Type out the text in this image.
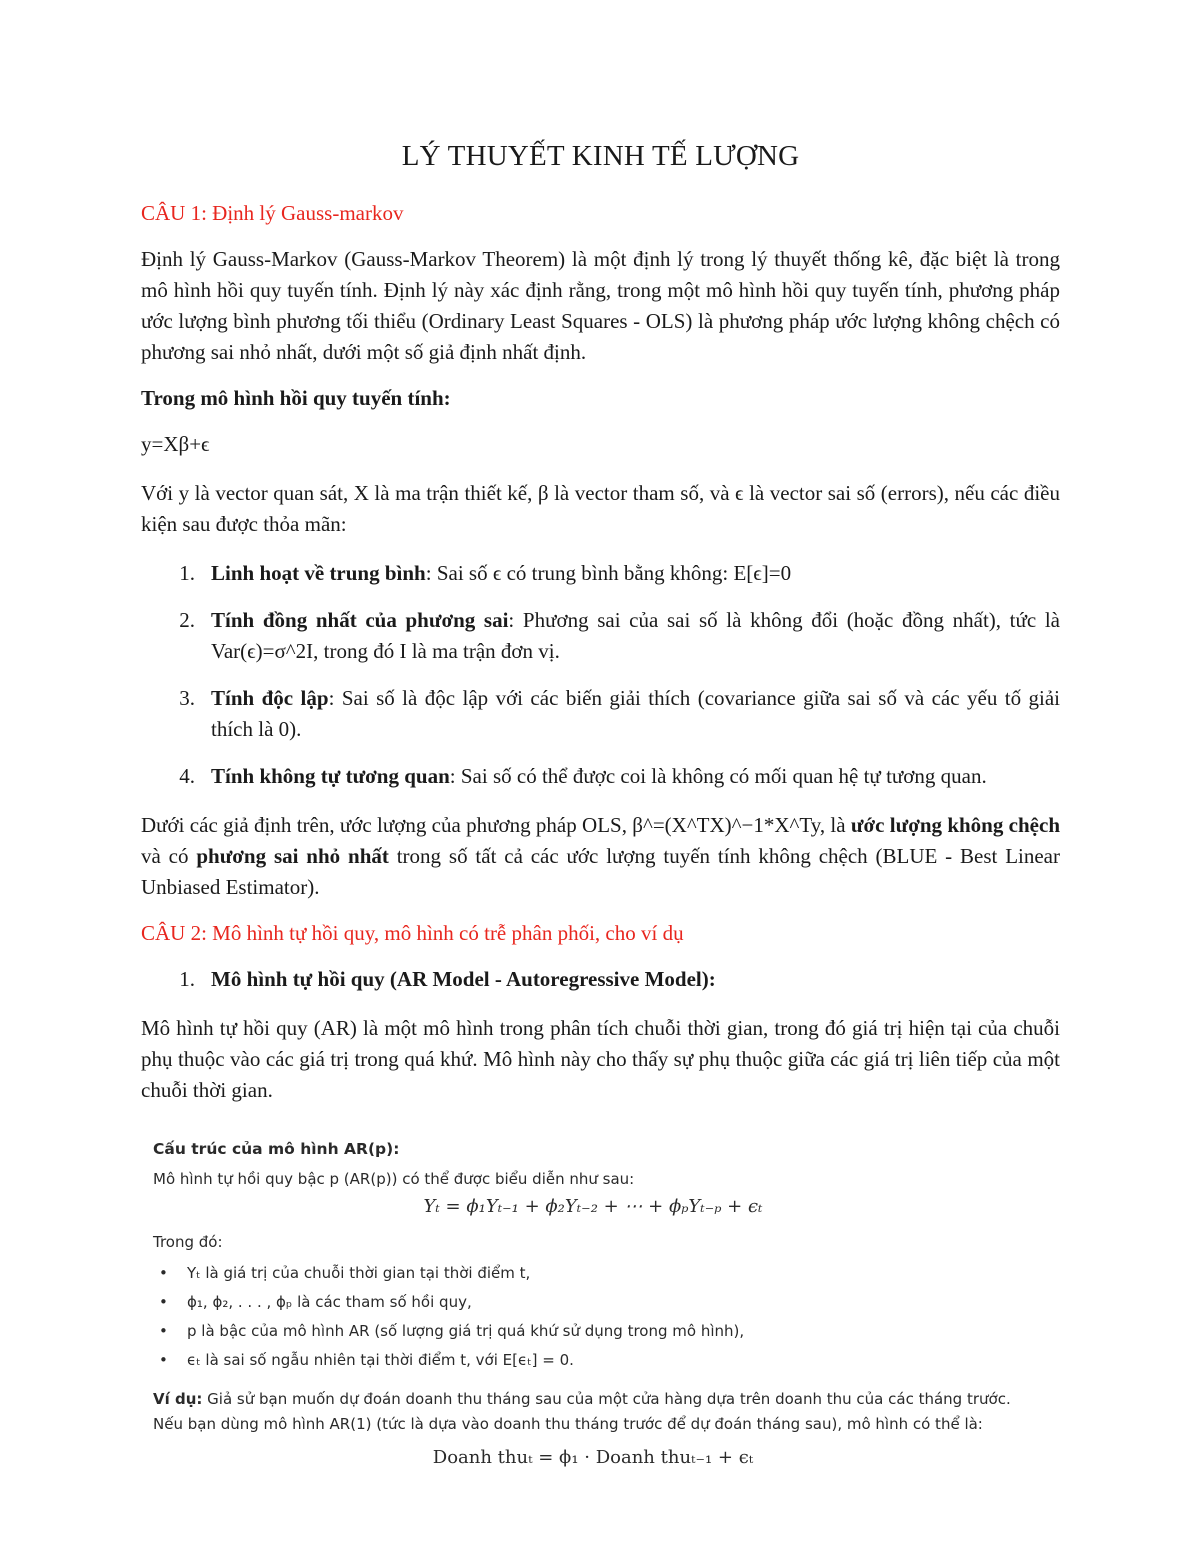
LÝ THUYẾT KINH TẾ LƯỢNG
CÂU 1: Định lý Gauss-markov

Định lý Gauss-Markov (Gauss-Markov Theorem) là một định lý trong lý thuyết thống kê, đặc biệt là trong mô hình hồi quy tuyến tính. Định lý này xác định rằng, trong một mô hình hồi quy tuyến tính, phương pháp ước lượng bình phương tối thiểu (Ordinary Least Squares - OLS) là phương pháp ước lượng không chệch có phương sai nhỏ nhất, dưới một số giả định nhất định.

Trong mô hình hồi quy tuyến tính:

y=Xβ+ϵ

Với y là vector quan sát, X là ma trận thiết kế, β là vector tham số, và ϵ là vector sai số (errors), nếu các điều kiện sau được thỏa mãn:

1. Linh hoạt về trung bình: Sai số ϵ có trung bình bằng không: E[ϵ]=0
2. Tính đồng nhất của phương sai: Phương sai của sai số là không đổi (hoặc đồng nhất), tức là Var(ϵ)=σ^2I, trong đó I là ma trận đơn vị.
3. Tính độc lập: Sai số là độc lập với các biến giải thích (covariance giữa sai số và các yếu tố giải thích là 0).
4. Tính không tự tương quan: Sai số có thể được coi là không có mối quan hệ tự tương quan.

Dưới các giả định trên, ước lượng của phương pháp OLS, β^=(X^TX)^−1*X^Ty, là ước lượng không chệch và có phương sai nhỏ nhất trong số tất cả các ước lượng tuyến tính không chệch (BLUE - Best Linear Unbiased Estimator).

CÂU 2: Mô hình tự hồi quy, mô hình có trễ phân phối, cho ví dụ
1. Mô hình tự hồi quy (AR Model - Autoregressive Model):

Mô hình tự hồi quy (AR) là một mô hình trong phân tích chuỗi thời gian, trong đó giá trị hiện tại của chuỗi phụ thuộc vào các giá trị trong quá khứ. Mô hình này cho thấy sự phụ thuộc giữa các giá trị liên tiếp của một chuỗi thời gian.

Cấu trúc của mô hình AR(p):
Mô hình tự hồi quy bậc p (AR(p)) có thể được biểu diễn như sau:
Yₜ = ϕ₁Yₜ₋₁ + ϕ₂Yₜ₋₂ + ⋯ + ϕₚYₜ₋ₚ + ϵₜ
Trong đó:
•	Yₜ là giá trị của chuỗi thời gian tại thời điểm t,
•	ϕ₁, ϕ₂, . . . , ϕₚ là các tham số hồi quy,
•	p là bậc của mô hình AR (số lượng giá trị quá khứ sử dụng trong mô hình),
•	ϵₜ là sai số ngẫu nhiên tại thời điểm t, với E[ϵₜ] = 0.
Ví dụ: Giả sử bạn muốn dự đoán doanh thu tháng sau của một cửa hàng dựa trên doanh thu của các tháng trước. Nếu bạn dùng mô hình AR(1) (tức là dựa vào doanh thu tháng trước để dự đoán tháng sau), mô hình có thể là:
Doanh thuₜ = ϕ₁ · Doanh thuₜ₋₁ + ϵₜ
